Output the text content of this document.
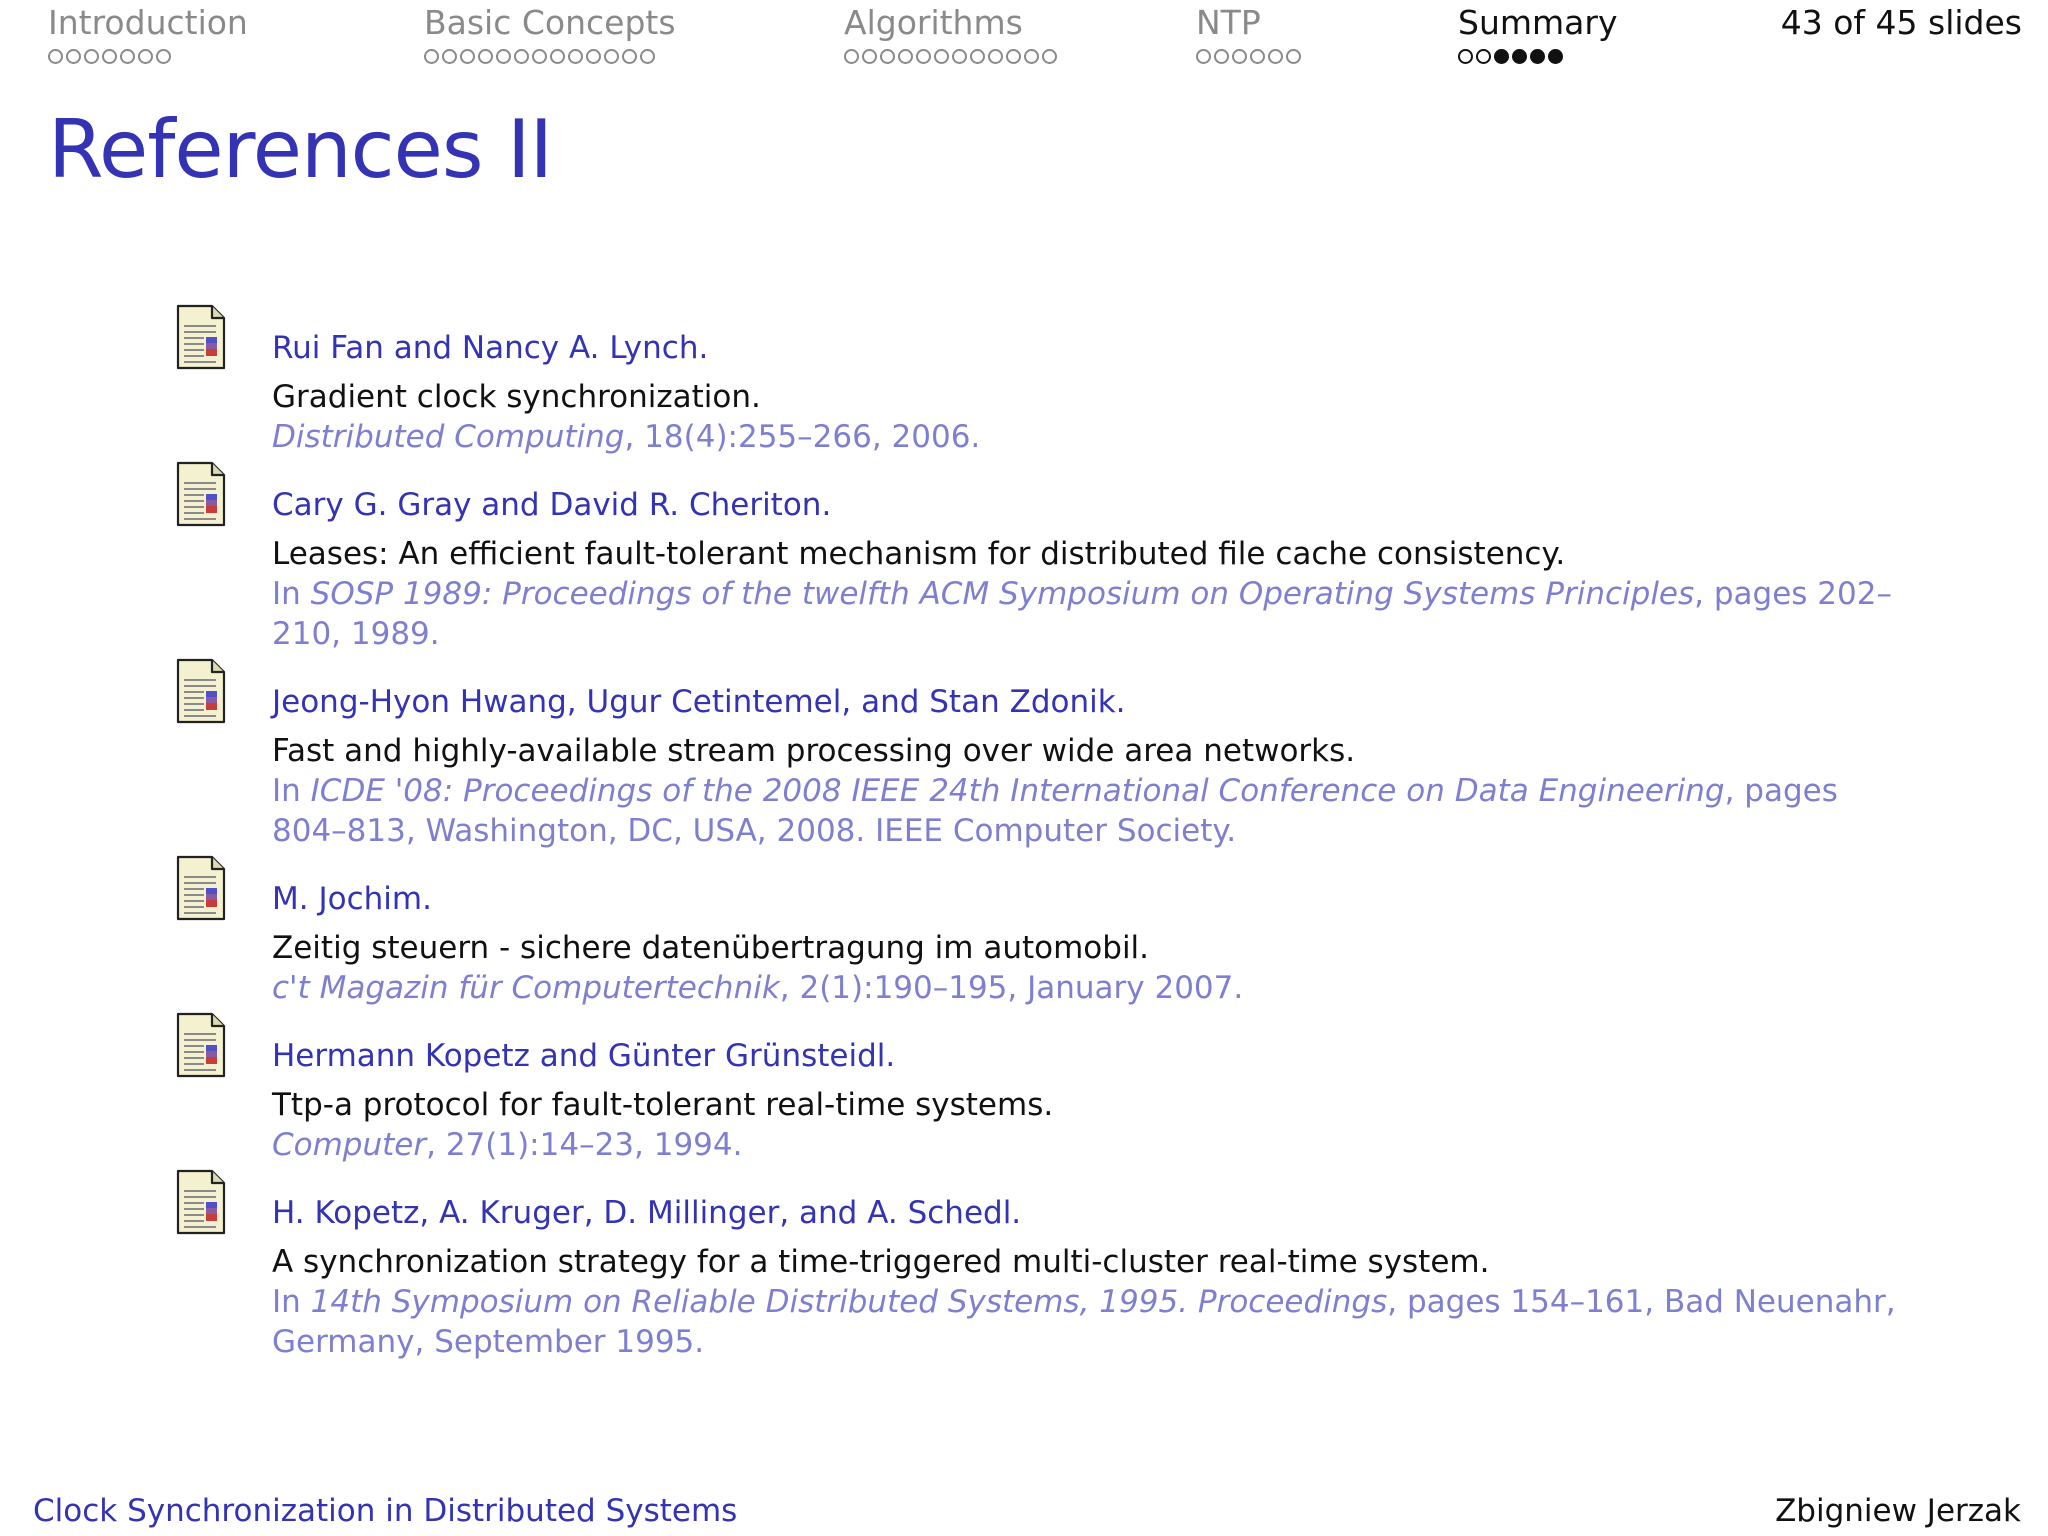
Introduction	Basic Concepts	Algorithms	NTP	Summary	43 of 45 slides
References II
Rui Fan and Nancy A. Lynch.
Gradient clock synchronization.
Distributed Computing, 18(4):255–266, 2006.
Cary G. Gray and David R. Cheriton.
Leases: An efficient fault-tolerant mechanism for distributed file cache consistency.
In SOSP 1989: Proceedings of the twelfth ACM Symposium on Operating Systems Principles, pages 202–210, 1989.
Jeong-Hyon Hwang, Ugur Cetintemel, and Stan Zdonik.
Fast and highly-available stream processing over wide area networks.
In ICDE '08: Proceedings of the 2008 IEEE 24th International Conference on Data Engineering, pages 804–813, Washington, DC, USA, 2008. IEEE Computer Society.
M. Jochim.
Zeitig steuern - sichere datenübertragung im automobil.
c't Magazin für Computertechnik, 2(1):190–195, January 2007.
Hermann Kopetz and Günter Grünsteidl.
Ttp-a protocol for fault-tolerant real-time systems.
Computer, 27(1):14–23, 1994.
H. Kopetz, A. Kruger, D. Millinger, and A. Schedl.
A synchronization strategy for a time-triggered multi-cluster real-time system.
In 14th Symposium on Reliable Distributed Systems, 1995. Proceedings, pages 154–161, Bad Neuenahr, Germany, September 1995.
Clock Synchronization in Distributed Systems	Zbigniew Jerzak
